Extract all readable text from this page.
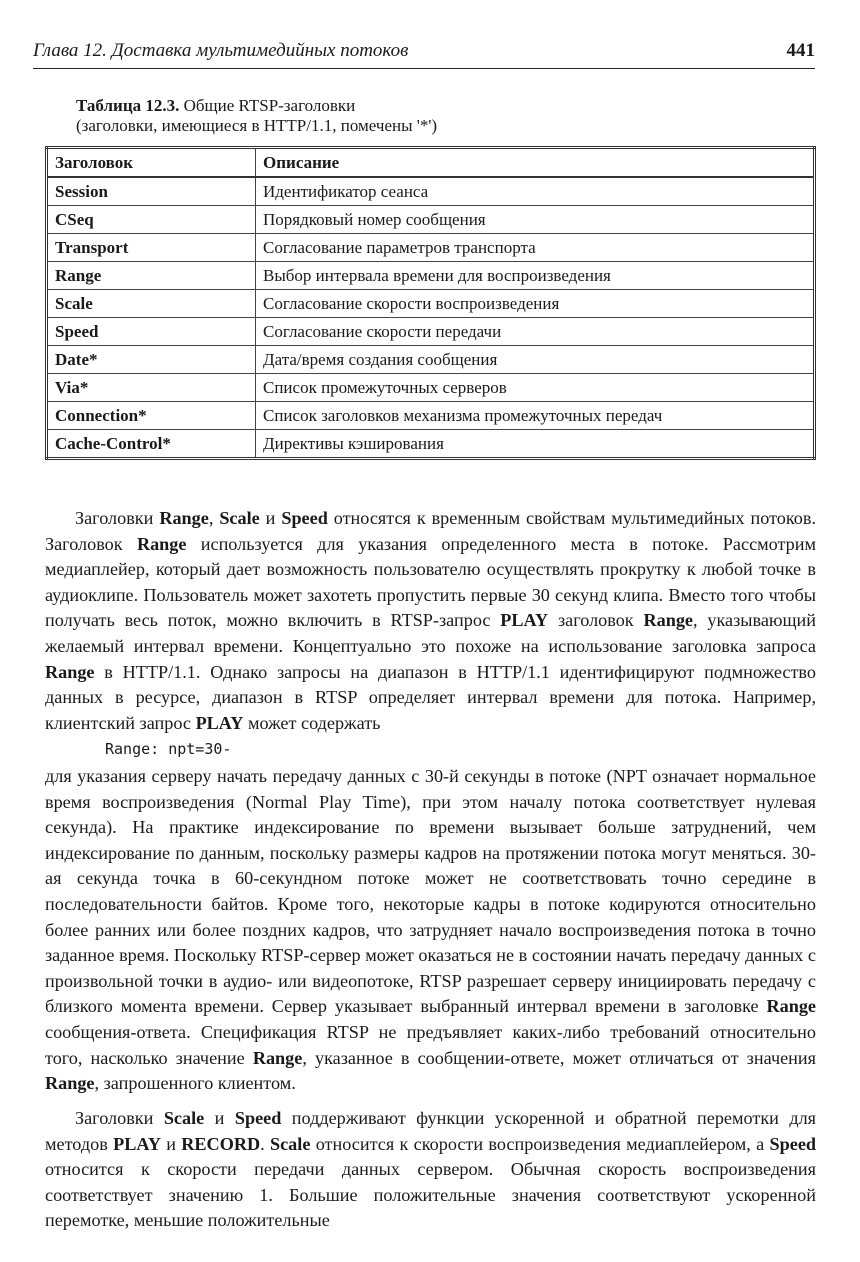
Глава 12. Доставка мультимедийных потоков	441
Таблица 12.3. Общие RTSP-заголовки
(заголовки, имеющиеся в HTTP/1.1, помечены '*')
Заголовок	Описание
Session	Идентификатор сеанса
CSeq	Порядковый номер сообщения
Transport	Согласование параметров транспорта
Range	Выбор интервала времени для воспроизведения
Scale	Согласование скорости воспроизведения
Speed	Согласование скорости передачи
Date*	Дата/время создания сообщения
Via*	Список промежуточных серверов
Connection*	Список заголовков механизма промежуточных передач
Cache-Control*	Директивы кэширования

Заголовки Range, Scale и Speed относятся к временным свойствам мультимедийных потоков. Заголовок Range используется для указания определенного места в потоке. Рассмотрим медиаплейер, который дает возможность пользователю осуществлять прокрутку к любой точке в аудиоклипе. Пользователь может захотеть пропустить первые 30 секунд клипа. Вместо того чтобы получать весь поток, можно включить в RTSP-запрос PLAY заголовок Range, указывающий желаемый интервал времени. Концептуально это похоже на использование заголовка запроса Range в HTTP/1.1. Однако запросы на диапазон в HTTP/1.1 идентифицируют подмножество данных в ресурсе, диапазон в RTSP определяет интервал времени для потока. Например, клиентский запрос PLAY может содержать

Range: npt=30-

для указания серверу начать передачу данных с 30-й секунды в потоке (NPT означает нормальное время воспроизведения (Normal Play Time), при этом началу потока соответствует нулевая секунда). На практике индексирование по времени вызывает больше затруднений, чем индексирование по данным, поскольку размеры кадров на протяжении потока могут меняться. 30-ая секунда точка в 60-секундном потоке может не соответствовать точно середине в последовательности байтов. Кроме того, некоторые кадры в потоке кодируются относительно более ранних или более поздних кадров, что затрудняет начало воспроизведения потока в точно заданное время. Поскольку RTSP-сервер может оказаться не в состоянии начать передачу данных с произвольной точки в аудио- или видеопотоке, RTSP разрешает серверу инициировать передачу с близкого момента времени. Сервер указывает выбранный интервал времени в заголовке Range сообщения-ответа. Спецификация RTSP не предъявляет каких-либо требований относительно того, насколько значение Range, указанное в сообщении-ответе, может отличаться от значения Range, запрошенного клиентом.

Заголовки Scale и Speed поддерживают функции ускоренной и обратной перемотки для методов PLAY и RECORD. Scale относится к скорости воспроизведения медиаплейером, а Speed относится к скорости передачи данных сервером. Обычная скорость воспроизведения соответствует значению 1. Большие положительные значения соответствуют ускоренной перемотке, меньшие положительные
